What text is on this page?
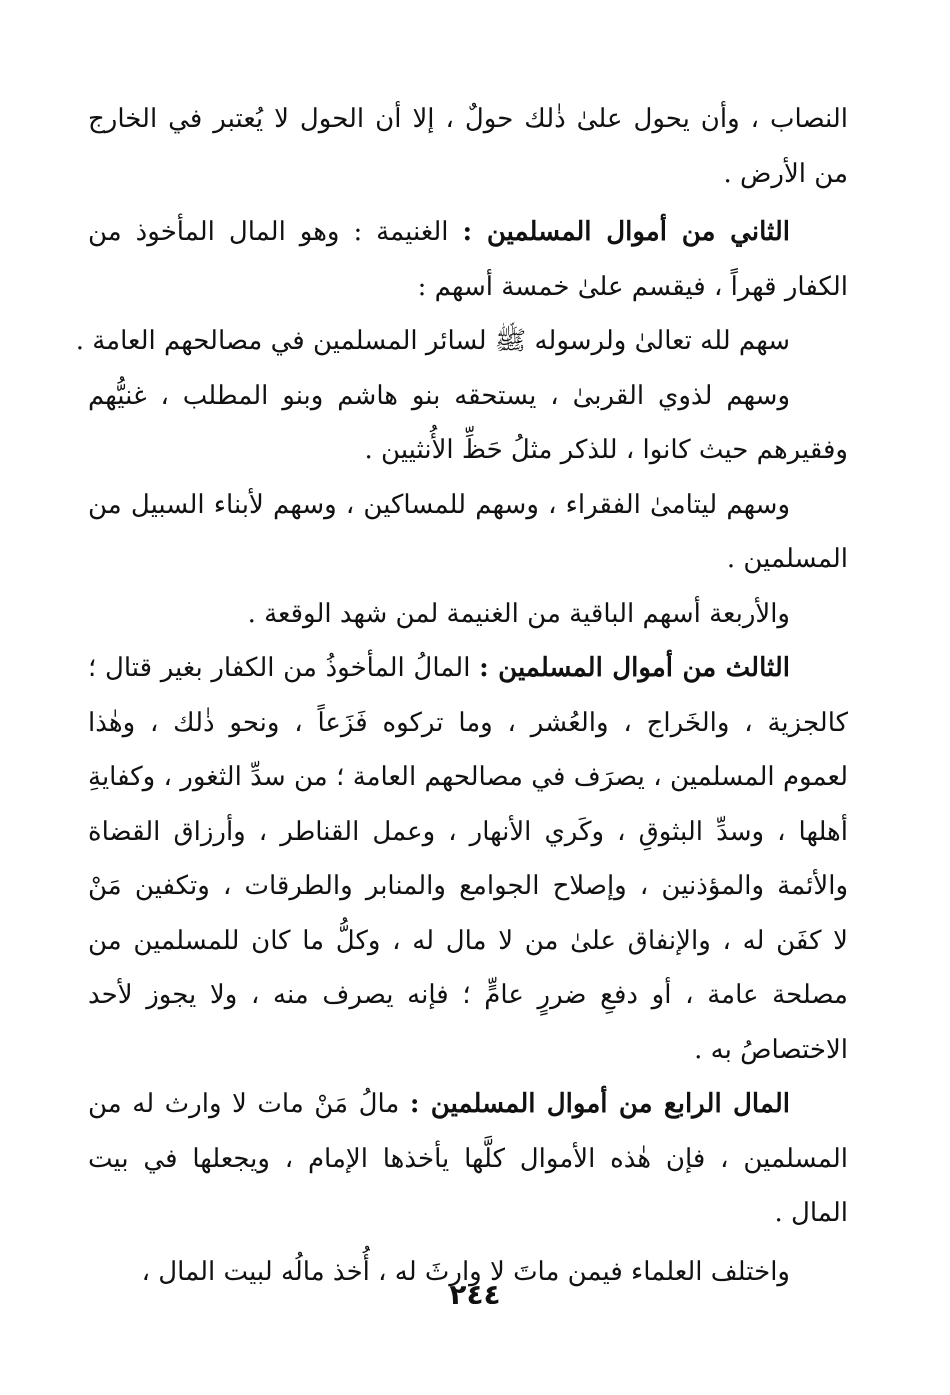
النصاب ، وأن يحول علىٰ ذٰلك حولٌ ، إلا أن الحول لا يُعتبر في الخارج
من الأرض .
الثاني من أموال المسلمين : الغنيمة : وهو المال المأخوذ من
الكفار قهراً ، فيقسم علىٰ خمسة أسهم :
سهم لله تعالىٰ ولرسوله ﷺ لسائر المسلمين في مصالحهم العامة .
وسهم لذوي القربىٰ ، يستحقه بنو هاشم وبنو المطلب ، غنيُّهم
وفقيرهم حيث كانوا ، للذكر مثلُ حَظِّ الأُنثيين .
وسهم ليتامىٰ الفقراء ، وسهم للمساكين ، وسهم لأبناء السبيل من
المسلمين .
والأربعة أسهم الباقية من الغنيمة لمن شهد الوقعة .
الثالث من أموال المسلمين : المالُ المأخوذُ من الكفار بغير قتال ؛
كالجزية ، والخَراج ، والعُشر ، وما تركوه فَزَعاً ، ونحو ذٰلك ، وهٰذا
لعموم المسلمين ، يصرَف في مصالحهم العامة ؛ من سدِّ الثغور ، وكفايةِ
أهلها ، وسدِّ البثوقِ ، وكَري الأنهار ، وعمل القناطر ، وأرزاق القضاة
والأئمة والمؤذنين ، وإصلاح الجوامع والمنابر والطرقات ، وتكفين مَنْ
لا كفَن له ، والإنفاق علىٰ من لا مال له ، وكلُّ ما كان للمسلمين من
مصلحة عامة ، أو دفعِ ضررٍ عامٍّ ؛ فإنه يصرف منه ، ولا يجوز لأحد
الاختصاصُ به .
المال الرابع من أموال المسلمين : مالُ مَنْ مات لا وارث له من
المسلمين ، فإن هٰذه الأموال كلَّها يأخذها الإمام ، ويجعلها في بيت
المال .
واختلف العلماء فيمن ماتَ لا وارثَ له ، أُخذ مالُه لبيت المال ،
٢٤٤
